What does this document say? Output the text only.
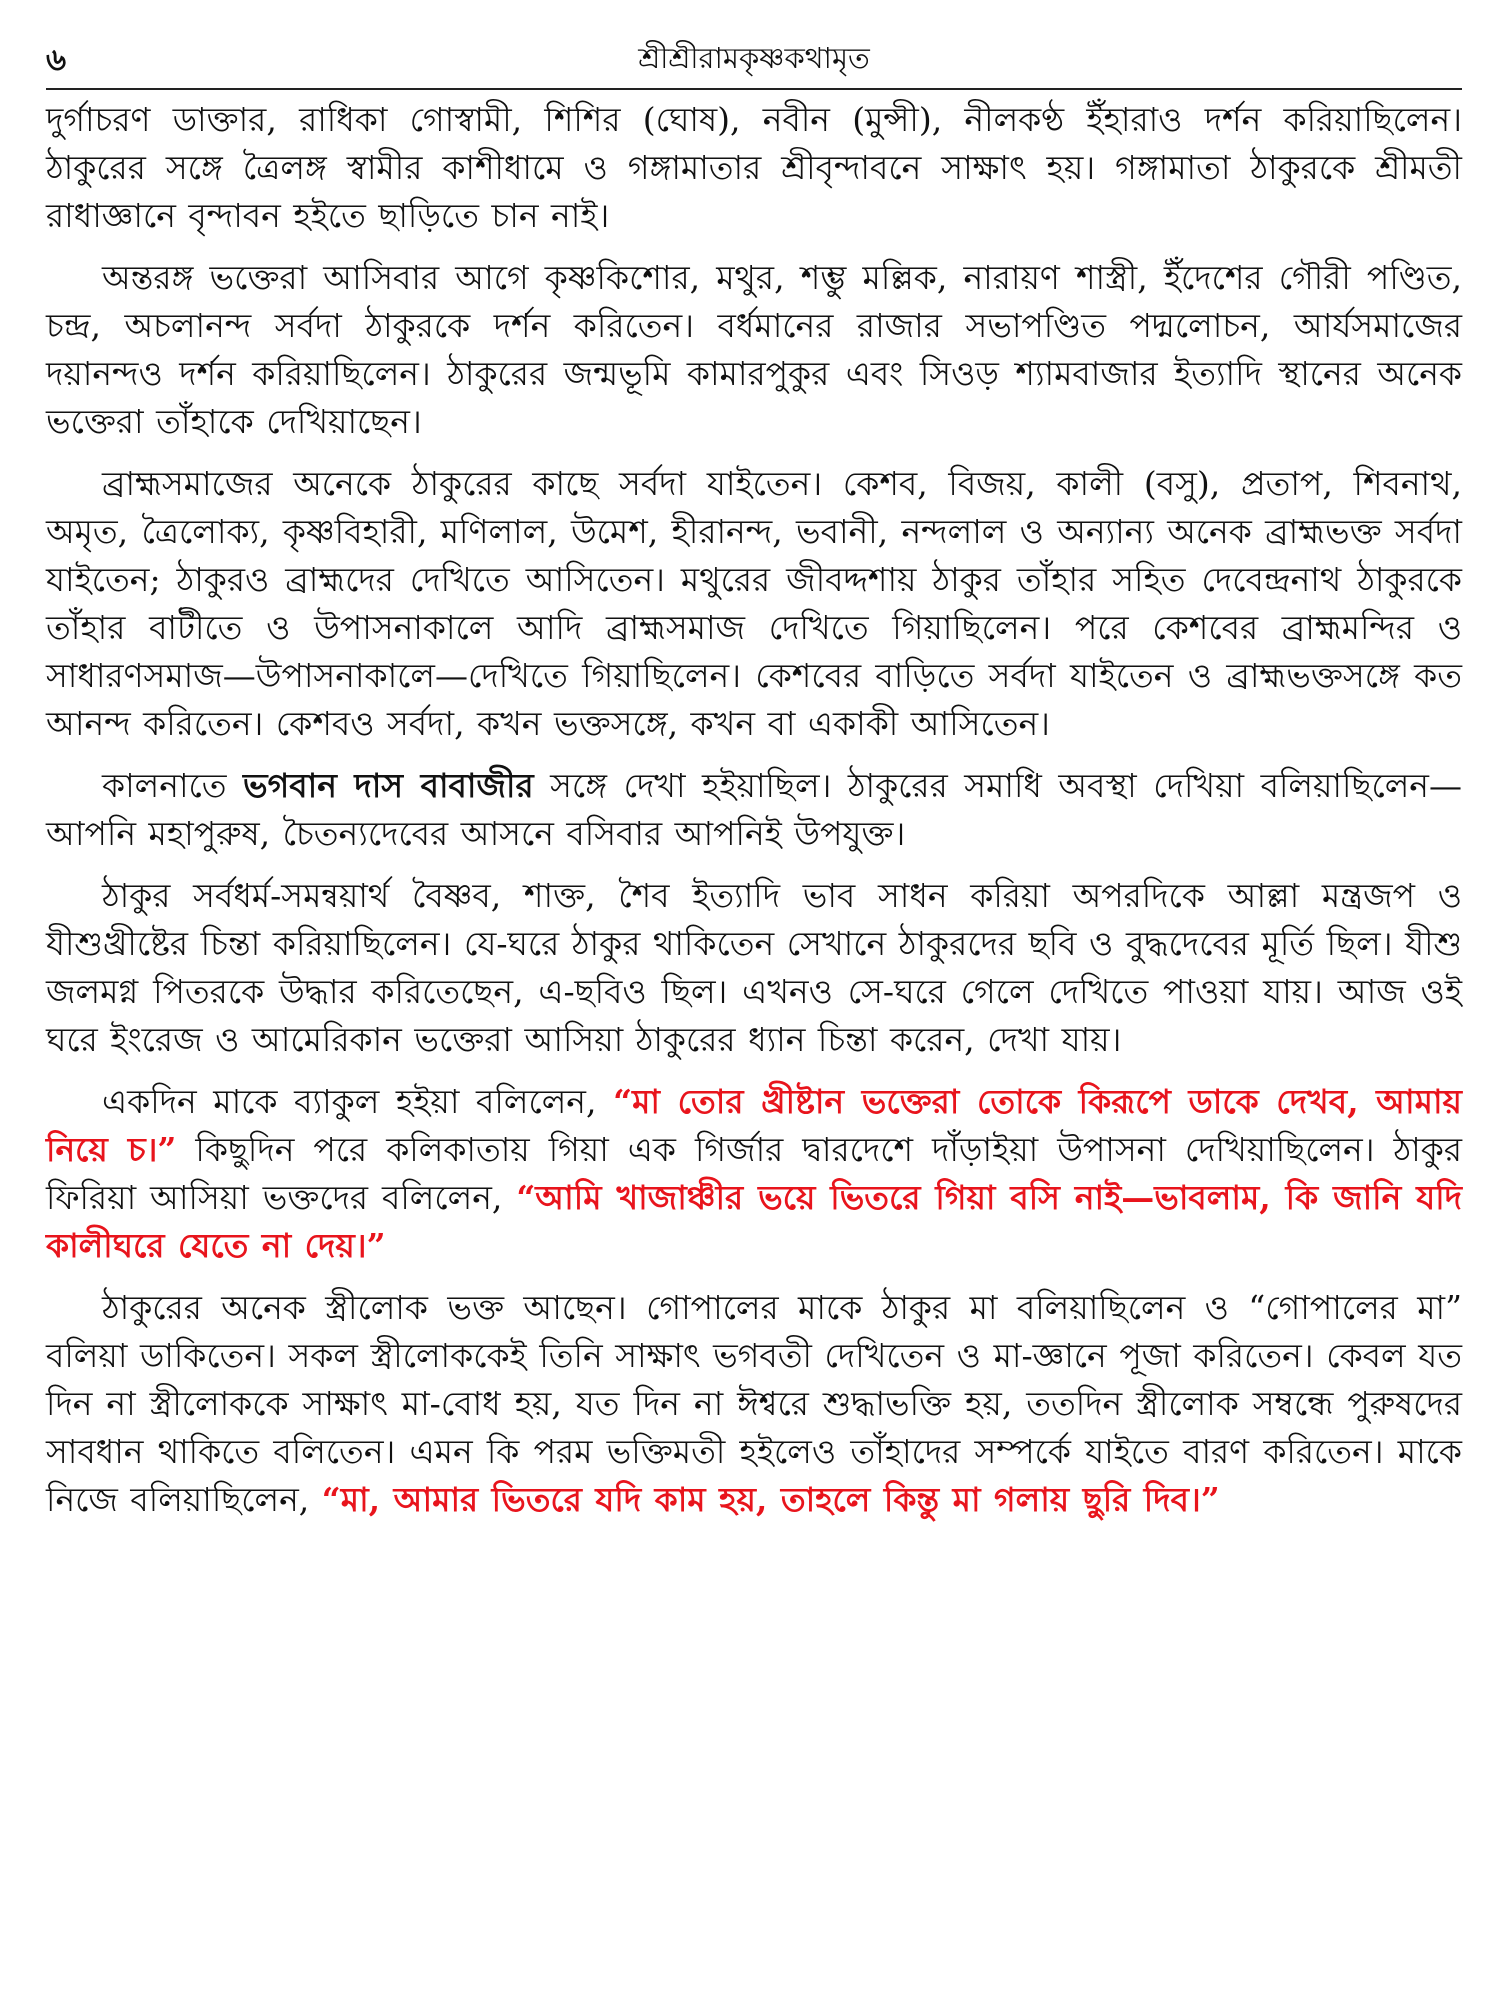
৬	শ্রীশ্রীরামকৃষ্ণকথামৃত

দুর্গাচরণ ডাক্তার, রাধিকা গোস্বামী, শিশির (ঘোষ), নবীন (মুন্সী), নীলকণ্ঠ ইঁহারাও দর্শন করিয়াছিলেন। ঠাকুরের সঙ্গে ত্রৈলঙ্গ স্বামীর কাশীধামে ও গঙ্গামাতার শ্রীবৃন্দাবনে সাক্ষাৎ হয়। গঙ্গামাতা ঠাকুরকে শ্রীমতী রাধাজ্ঞানে বৃন্দাবন হইতে ছাড়িতে চান নাই।

অন্তরঙ্গ ভক্তেরা আসিবার আগে কৃষ্ণকিশোর, মথুর, শম্ভু মল্লিক, নারায়ণ শাস্ত্রী, ইঁদেশের গৌরী পণ্ডিত, চন্দ্র, অচলানন্দ সর্বদা ঠাকুরকে দর্শন করিতেন। বর্ধমানের রাজার সভাপণ্ডিত পদ্মলোচন, আর্যসমাজের দয়ানন্দও দর্শন করিয়াছিলেন। ঠাকুরের জন্মভূমি কামারপুকুর এবং সিওড় শ্যামবাজার ইত্যাদি স্থানের অনেক ভক্তেরা তাঁহাকে দেখিয়াছেন।

ব্রাহ্মসমাজের অনেকে ঠাকুরের কাছে সর্বদা যাইতেন। কেশব, বিজয়, কালী (বসু), প্রতাপ, শিবনাথ, অমৃত, ত্রৈলোক্য, কৃষ্ণবিহারী, মণিলাল, উমেশ, হীরানন্দ, ভবানী, নন্দলাল ও অন্যান্য অনেক ব্রাহ্মভক্ত সর্বদা যাইতেন; ঠাকুরও ব্রাহ্মদের দেখিতে আসিতেন। মথুরের জীবদ্দশায় ঠাকুর তাঁহার সহিত দেবেন্দ্রনাথ ঠাকুরকে তাঁহার বাটীতে ও উপাসনাকালে আদি ব্রাহ্মসমাজ দেখিতে গিয়াছিলেন। পরে কেশবের ব্রাহ্মমন্দির ও সাধারণসমাজ—উপাসনাকালে—দেখিতে গিয়াছিলেন। কেশবের বাড়িতে সর্বদা যাইতেন ও ব্রাহ্মভক্তসঙ্গে কত আনন্দ করিতেন। কেশবও সর্বদা, কখন ভক্তসঙ্গে, কখন বা একাকী আসিতেন।

কালনাতে ভগবান দাস বাবাজীর সঙ্গে দেখা হইয়াছিল। ঠাকুরের সমাধি অবস্থা দেখিয়া বলিয়াছিলেন—আপনি মহাপুরুষ, চৈতন্যদেবের আসনে বসিবার আপনিই উপযুক্ত।

ঠাকুর সর্বধর্ম-সমন্বয়ার্থ বৈষ্ণব, শাক্ত, শৈব ইত্যাদি ভাব সাধন করিয়া অপরদিকে আল্লা মন্ত্রজপ ও যীশুখ্রীষ্টের চিন্তা করিয়াছিলেন। যে-ঘরে ঠাকুর থাকিতেন সেখানে ঠাকুরদের ছবি ও বুদ্ধদেবের মূর্তি ছিল। যীশু জলমগ্ন পিতরকে উদ্ধার করিতেছেন, এ-ছবিও ছিল। এখনও সে-ঘরে গেলে দেখিতে পাওয়া যায়। আজ ওই ঘরে ইংরেজ ও আমেরিকান ভক্তেরা আসিয়া ঠাকুরের ধ্যান চিন্তা করেন, দেখা যায়।

একদিন মাকে ব্যাকুল হইয়া বলিলেন, “মা তোর খ্রীষ্টান ভক্তেরা তোকে কিরূপে ডাকে দেখব, আমায় নিয়ে চ।” কিছুদিন পরে কলিকাতায় গিয়া এক গির্জার দ্বারদেশে দাঁড়াইয়া উপাসনা দেখিয়াছিলেন। ঠাকুর ফিরিয়া আসিয়া ভক্তদের বলিলেন, “আমি খাজাঞ্চীর ভয়ে ভিতরে গিয়া বসি নাই—ভাবলাম, কি জানি যদি কালীঘরে যেতে না দেয়।”

ঠাকুরের অনেক স্ত্রীলোক ভক্ত আছেন। গোপালের মাকে ঠাকুর মা বলিয়াছিলেন ও “গোপালের মা” বলিয়া ডাকিতেন। সকল স্ত্রীলোককেই তিনি সাক্ষাৎ ভগবতী দেখিতেন ও মা-জ্ঞানে পূজা করিতেন। কেবল যত দিন না স্ত্রীলোককে সাক্ষাৎ মা-বোধ হয়, যত দিন না ঈশ্বরে শুদ্ধাভক্তি হয়, ততদিন স্ত্রীলোক সম্বন্ধে পুরুষদের সাবধান থাকিতে বলিতেন। এমন কি পরম ভক্তিমতী হইলেও তাঁহাদের সম্পর্কে যাইতে বারণ করিতেন। মাকে নিজে বলিয়াছিলেন, “মা, আমার ভিতরে যদি কাম হয়, তাহলে কিন্তু মা গলায় ছুরি দিব।”
